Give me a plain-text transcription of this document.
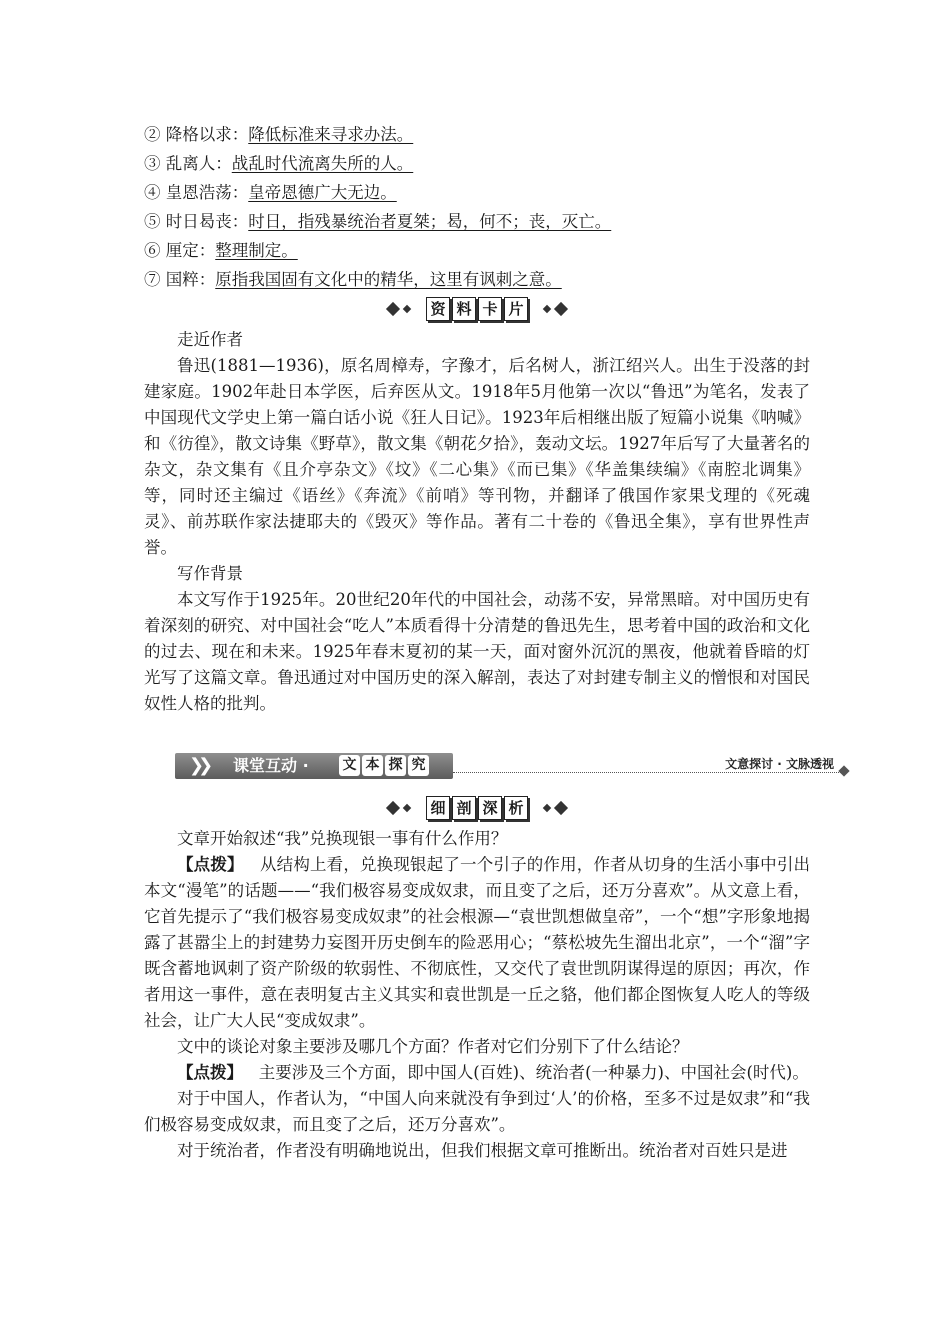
② 降格以求：降低标准来寻求办法。
③ 乱离人：战乱时代流离失所的人。
④ 皇恩浩荡：皇帝恩德广大无边。
⑤ 时日曷丧：时日，指残暴统治者夏桀；曷，何不；丧，灭亡。
⑥ 厘定：整理制定。
⑦ 国粹：原指我国固有文化中的精华，这里有讽刺之意。
资 料 卡 片

走近作者

鲁迅(1881—1936)，原名周樟寿，字豫才，后名树人，浙江绍兴人。出生于没落的封建家庭。1902年赴日本学医，后弃医从文。1918年5月他第一次以“鲁迅”为笔名，发表了中国现代文学史上第一篇白话小说《狂人日记》。1923年后相继出版了短篇小说集《呐喊》和《彷徨》，散文诗集《野草》，散文集《朝花夕拾》，轰动文坛。1927年后写了大量著名的杂文，杂文集有《且介亭杂文》《坟》《二心集》《而已集》《华盖集续编》《南腔北调集》等，同时还主编过《语丝》《奔流》《前哨》等刊物，并翻译了俄国作家果戈理的《死魂灵》、前苏联作家法捷耶夫的《毁灭》等作品。著有二十卷的《鲁迅全集》，享有世界性声誉。

写作背景

本文写作于1925年。20世纪20年代的中国社会，动荡不安，异常黑暗。对中国历史有着深刻的研究、对中国社会“吃人”本质看得十分清楚的鲁迅先生，思考着中国的政治和文化的过去、现在和未来。1925年春末夏初的某一天，面对窗外沉沉的黑夜，他就着昏暗的灯光写了这篇文章。鲁迅通过对中国历史的深入解剖，表达了对封建专制主义的憎恨和对国民奴性人格的批判。

❯❯ 课堂互动 · 文 本 探 究	文意探讨 · 文脉透视
细 剖 深 析

文章开始叙述“我”兑换现银一事有什么作用？

【点拨】 从结构上看，兑换现银起了一个引子的作用，作者从切身的生活小事中引出本文“漫笔”的话题——“我们极容易变成奴隶，而且变了之后，还万分喜欢”。从文意上看，它首先提示了“我们极容易变成奴隶”的社会根源—“袁世凯想做皇帝”，一个“想”字形象地揭露了甚嚣尘上的封建势力妄图开历史倒车的险恶用心；“蔡松坡先生溜出北京”，一个“溜”字既含蓄地讽刺了资产阶级的软弱性、不彻底性，又交代了袁世凯阴谋得逞的原因；再次，作者用这一事件，意在表明复古主义其实和袁世凯是一丘之貉，他们都企图恢复人吃人的等级社会，让广大人民“变成奴隶”。

文中的谈论对象主要涉及哪几个方面？作者对它们分别下了什么结论？

【点拨】 主要涉及三个方面，即中国人(百姓)、统治者(一种暴力)、中国社会(时代)。

对于中国人，作者认为，“中国人向来就没有争到过‘人’的价格，至多不过是奴隶”和“我们极容易变成奴隶，而且变了之后，还万分喜欢”。

对于统治者，作者没有明确地说出，但我们根据文章可推断出。统治者对百姓只是进
